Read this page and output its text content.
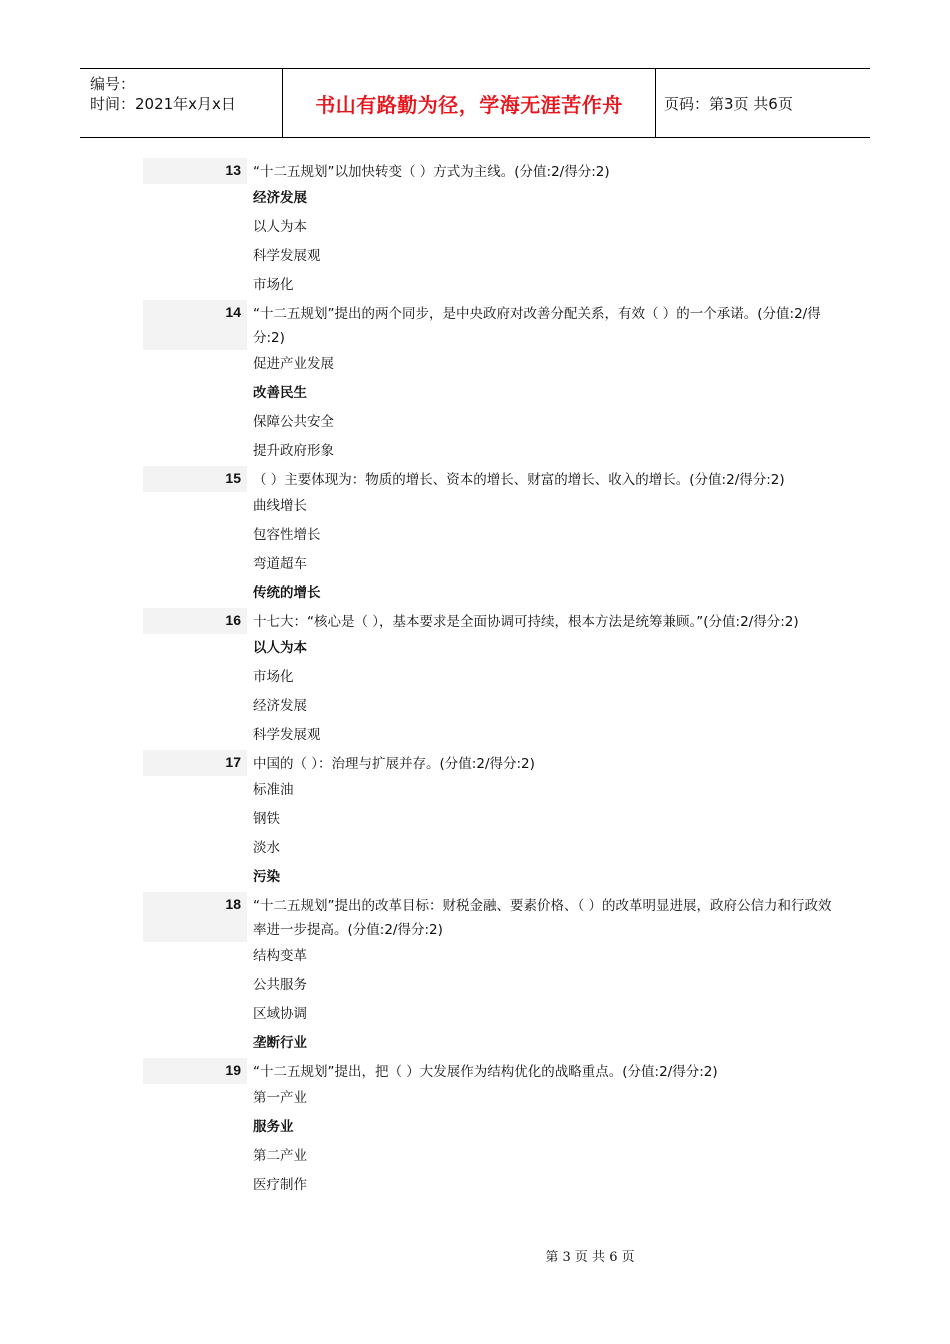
编号：
时间：2021年x月x日	书山有路勤为径，学海无涯苦作舟	页码：第3页 共6页
13 “十二五规划”以加快转变（ ）方式为主线。(分值:2/得分:2)
经济发展
以人为本
科学发展观
市场化
14 “十二五规划”提出的两个同步，是中央政府对改善分配关系，有效（ ）的一个承诺。(分值:2/得分:2)
促进产业发展
改善民生
保障公共安全
提升政府形象
15 （ ）主要体现为：物质的增长、资本的增长、财富的增长、收入的增长。(分值:2/得分:2)
曲线增长
包容性增长
弯道超车
传统的增长
16 十七大：“核心是（ ），基本要求是全面协调可持续，根本方法是统筹兼顾。”(分值:2/得分:2)
以人为本
市场化
经济发展
科学发展观
17 中国的（ ）：治理与扩展并存。(分值:2/得分:2)
标准油
钢铁
淡水
污染
18 “十二五规划”提出的改革目标：财税金融、要素价格、（ ）的改革明显进展，政府公信力和行政效率进一步提高。(分值:2/得分:2)
结构变革
公共服务
区域协调
垄断行业
19 “十二五规划”提出，把（ ）大发展作为结构优化的战略重点。(分值:2/得分:2)
第一产业
服务业
第二产业
医疗制作
第 3 页 共 6 页
